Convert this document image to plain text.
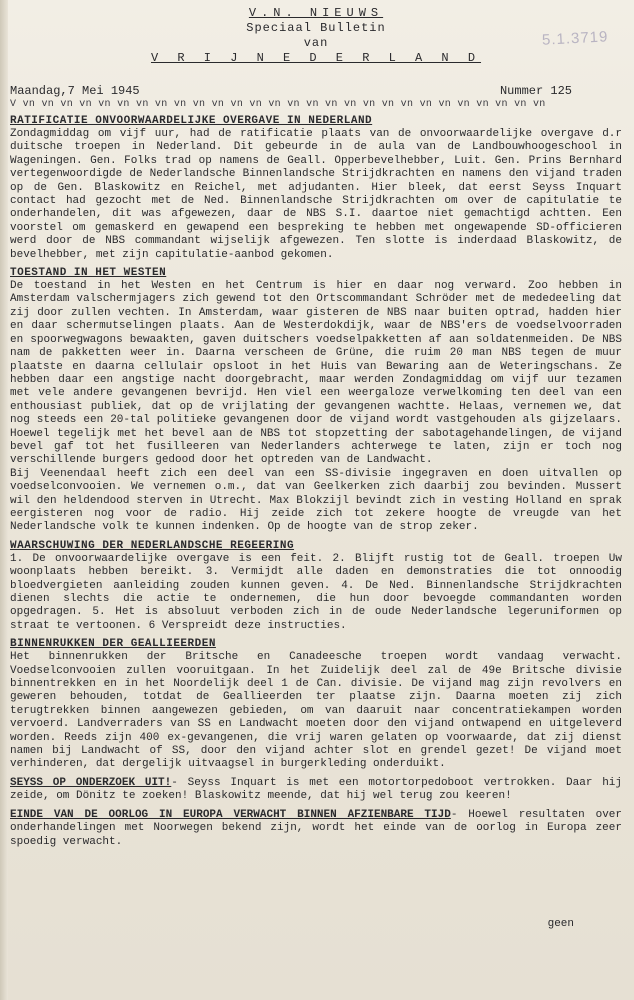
5.1.3719
V.N. NIEUWS
Speciaal Bulletin
van
V R I J N E D E R L A N D
Maandag,7 Mei 1945	Nummer 125
V vn vn vn vn vn vn vn vn vn vn vn vn vn vn vn vn vn vn vn vn vn vn vn vn vn vn vn vn
RATIFICATIE ONVOORWAARDELIJKE OVERGAVE IN NEDERLAND

Zondagmiddag om vijf uur, had de ratificatie plaats van de onvoorwaardelijke overgave d.r duitsche troepen in Nederland. Dit gebeurde in de aula van de Landbouwhoogeschool in Wageningen. Gen. Folks trad op namens de Geall. Opperbevelhebber, Luit. Gen. Prins Bernhard vertegenwoordigde de Nederlandsche Binnenlandsche Strijdkrachten en namens den vijand traden op de Gen. Blaskowitz en Reichel, met adjudanten. Hier bleek, dat eerst Seyss Inquart contact had gezocht met de Ned. Binnenlandsche Strijdkrachten om over de capitulatie te onderhandelen, dit was afgewezen, daar de NBS S.I. daartoe niet gemachtigd achtten. Een voorstel om gemaskerd en gewapend een bespreking te hebben met ongewapende SD-officieren werd door de NBS commandant wijselijk afgewezen. Ten slotte is inderdaad Blaskowitz, de bevelhebber, met zijn capitulatie-aanbod gekomen.

TOESTAND IN HET WESTEN

De toestand in het Westen en het Centrum is hier en daar nog verward. Zoo hebben in Amsterdam valschermjagers zich gewend tot den Ortscommandant Schröder met de mededeeling dat zij door zullen vechten. In Amsterdam, waar gisteren de NBS naar buiten optrad, hadden hier en daar schermutselingen plaats. Aan de Westerdokdijk, waar de NBS'ers de voedselvoorraden en spoorwegwagons bewaakten, gaven duitschers voedselpakketten af aan soldatenmeiden. De NBS nam de pakketten weer in. Daarna verscheen de Grüne, die ruim 20 man NBS tegen de muur plaatste en daarna cellulair opsloot in het Huis van Bewaring aan de Weteringschans. Ze hebben daar een angstige nacht doorgebracht, maar werden Zondagmiddag om vijf uur tezamen met vele andere gevangenen bevrijd. Hen viel een weergaloze verwelkoming ten deel van een enthousiast publiek, dat op de vrijlating der gevangenen wachtte. Helaas, vernemen we, dat nog steeds een 20-tal politieke gevangenen door de vijand wordt vastgehouden als gijzelaars. Hoewel tegelijk met het bevel aan de NBS tot stopzetting der sabotagehandelingen, de vijand bevel gaf tot het fusilleeren van Nederlanders achterwege te laten, zijn er toch nog verschillende burgers gedood door het optreden van de Landwacht.

Bij Veenendaal heeft zich een deel van een SS-divisie ingegraven en doen uitvallen op voedselconvooien. We vernemen o.m., dat van Geelkerken zich daarbij zou bevinden. Mussert wil den heldendood sterven in Utrecht. Max Blokzijl bevindt zich in vesting Holland en sprak eergisteren nog voor de radio. Hij zeide zich tot zekere hoogte de vreugde van het Nederlandsche volk te kunnen indenken. Op de hoogte van de strop zeker.

WAARSCHUWING DER NEDERLANDSCHE REGEERING

1. De onvoorwaardelijke overgave is een feit. 2. Blijft rustig tot de Geall. troepen Uw woonplaats hebben bereikt. 3. Vermijdt alle daden en demonstraties die tot onnoodig bloedvergieten aanleiding zouden kunnen geven. 4. De Ned. Binnenlandsche Strijdkrachten dienen slechts die actie te ondernemen, die hun door bevoegde commandanten worden opgedragen. 5. Het is absoluut verboden zich in de oude Nederlandsche legeruniformen op straat te vertoonen. 6 Verspreidt deze instructies.

BINNENRUKKEN DER GEALLIEERDEN

Het binnenrukken der Britsche en Canadeesche troepen wordt vandaag verwacht. Voedselconvooien zullen vooruitgaan. In het Zuidelijk deel zal de 49e Britsche divisie binnentrekken en in het Noordelijk deel 1 de Can. divisie. De vijand mag zijn revolvers en geweren behouden, totdat de Geallieerden ter plaatse zijn. Daarna moeten zij zich terugtrekken binnen aangewezen gebieden, om van daaruit naar concentratiekampen worden vervoerd. Landverraders van SS en Landwacht moeten door den vijand ontwapend en uitgeleverd worden. Reeds zijn 400 ex-gevangenen, die vrij waren gelaten op voorwaarde, dat zij dienst namen bij Landwacht of SS, door den vijand achter slot en grendel gezet! De vijand moet verhinderen, dat dergelijk uitvaagsel in burgerkleding onderduikt.

SEYSS OP ONDERZOEK UIT!- Seyss Inquart is met een motortorpedoboot vertrokken. Daar hij zeide, om Dönitz te zoeken! Blaskowitz meende, dat hij wel terug zou keeren!

EINDE VAN DE OORLOG IN EUROPA VERWACHT BINNEN AFZIENBARE TIJD- Hoewel resultaten over onderhandelingen met Noorwegen bekend zijn, wordt het einde van de oorlog in Europa zeer spoedig verwacht.

geen
